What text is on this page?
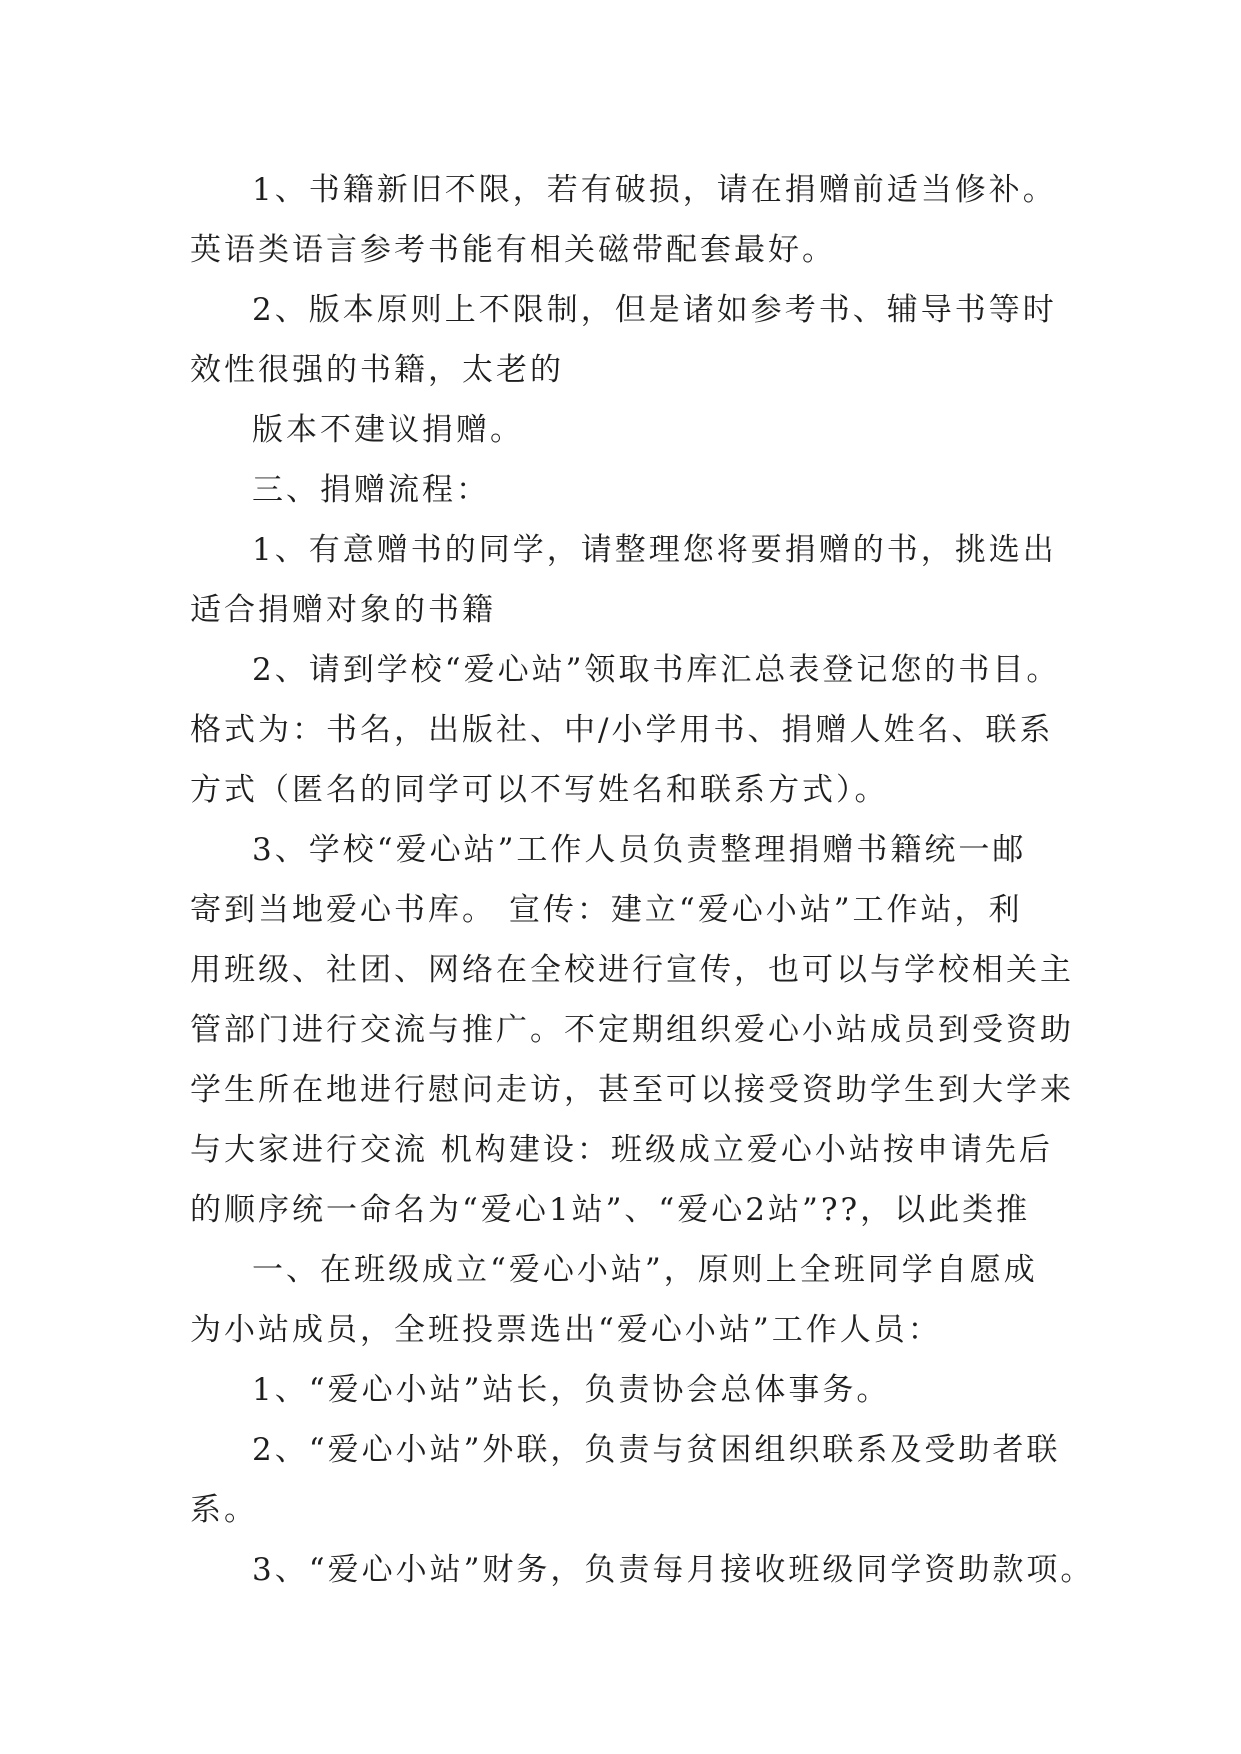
1、书籍新旧不限，若有破损，请在捐赠前适当修补。
英语类语言参考书能有相关磁带配套最好。
2、版本原则上不限制，但是诸如参考书、辅导书等时
效性很强的书籍，太老的
版本不建议捐赠。
三、捐赠流程：
1、有意赠书的同学，请整理您将要捐赠的书，挑选出
适合捐赠对象的书籍
2、请到学校“爱心站”领取书库汇总表登记您的书目。
格式为：书名，出版社、中/小学用书、捐赠人姓名、联系
方式（匿名的同学可以不写姓名和联系方式）。
3、学校“爱心站”工作人员负责整理捐赠书籍统一邮
寄到当地爱心书库。 宣传：建立“爱心小站”工作站，利
用班级、社团、网络在全校进行宣传，也可以与学校相关主
管部门进行交流与推广。不定期组织爱心小站成员到受资助
学生所在地进行慰问走访，甚至可以接受资助学生到大学来
与大家进行交流 机构建设：班级成立爱心小站按申请先后
的顺序统一命名为“爱心1站”、“爱心2站”??，以此类推
一、在班级成立“爱心小站”，原则上全班同学自愿成
为小站成员，全班投票选出“爱心小站”工作人员：
1、“爱心小站”站长，负责协会总体事务。
2、“爱心小站”外联，负责与贫困组织联系及受助者联
系。
3、“爱心小站”财务，负责每月接收班级同学资助款项。
